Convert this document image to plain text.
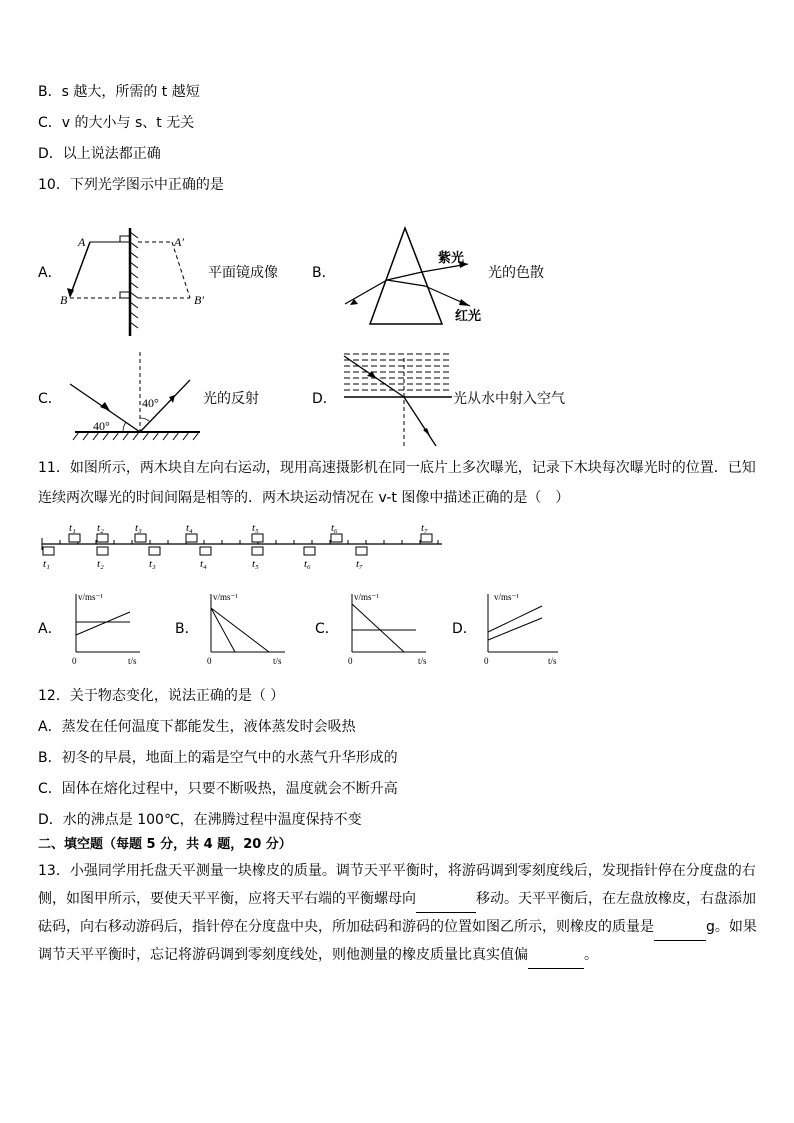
B．s 越大，所需的 t 越短
C．v 的大小与 s、t 无关
D．以上说法都正确
10．下列光学图示中正确的是
A．
A	A′
B	B′
平面镜成像 B．
紫光
红光
光的色散
C．	40°
40°
光的反射	D．	光从水中射入空气
11．如图所示，两木块自左向右运动，现用高速摄影机在同一底片上多次曝光，记录下木块每次曝光时的位置．已知
连续两次曝光的时间间隔是相等的．两木块运动情况在 v-t 图像中描述正确的是（　）
t₁ t₂	t₃	t₄	t₅	t₆	t₇
t₁	t₂	t₃	t₄	t₅	t₆	t₇
A．
v/ms⁻¹
t/s
0
B．
v/ms⁻¹
t/s
0
C．
v/ms⁻¹
t/s
0
D．
v/ms⁻¹
t/s
0
12．关于物态变化，说法正确的是（ ）
A．蒸发在任何温度下都能发生，液体蒸发时会吸热
B．初冬的早晨，地面上的霜是空气中的水蒸气升华形成的
C．固体在熔化过程中，只要不断吸热，温度就会不断升高
D．水的沸点是 100℃，在沸腾过程中温度保持不变
二、填空题（每题 5 分，共 4 题，20 分）
13．小强同学用托盘天平测量一块橡皮的质量。调节天平平衡时，将游码调到零刻度线后，发现指针停在分度盘的右侧，如图甲所示，要使天平平衡，应将天平右端的平衡螺母向	移动。天平平衡后，在左盘放橡皮，右盘添加砝码，向右移动游码后，指针停在分度盘中央，所加砝码和游码的位置如图乙所示，则橡皮的质量是	g。如果调节天平平衡时，忘记将游码调到零刻度线处，则他测量的橡皮质量比真实值偏	。
